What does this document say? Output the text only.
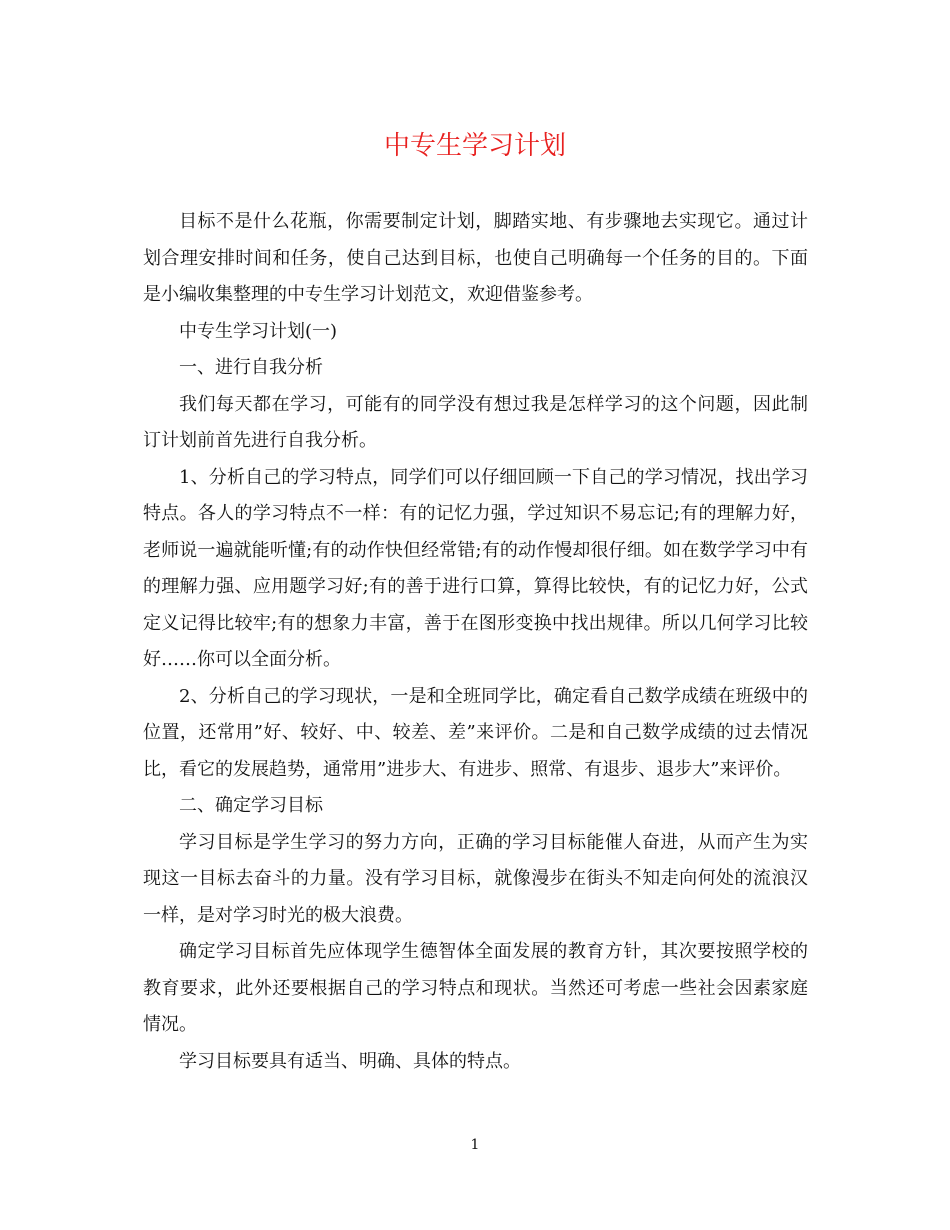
中专生学习计划

目标不是什么花瓶，你需要制定计划，脚踏实地、有步骤地去实现它。通过计划合理安排时间和任务，使自己达到目标，也使自己明确每一个任务的目的。下面是小编收集整理的中专生学习计划范文，欢迎借鉴参考。

中专生学习计划(一)

一、进行自我分析

我们每天都在学习，可能有的同学没有想过我是怎样学习的这个问题，因此制订计划前首先进行自我分析。

1、分析自己的学习特点，同学们可以仔细回顾一下自己的学习情况，找出学习特点。各人的学习特点不一样：有的记忆力强，学过知识不易忘记;有的理解力好，老师说一遍就能听懂;有的动作快但经常错;有的动作慢却很仔细。如在数学学习中有的理解力强、应用题学习好;有的善于进行口算，算得比较快，有的记忆力好，公式定义记得比较牢;有的想象力丰富，善于在图形变换中找出规律。所以几何学习比较好……你可以全面分析。

2、分析自己的学习现状，一是和全班同学比，确定看自己数学成绩在班级中的位置，还常用”好、较好、中、较差、差”来评价。二是和自己数学成绩的过去情况比，看它的发展趋势，通常用”进步大、有进步、照常、有退步、退步大”来评价。

二、确定学习目标

学习目标是学生学习的努力方向，正确的学习目标能催人奋进，从而产生为实现这一目标去奋斗的力量。没有学习目标，就像漫步在街头不知走向何处的流浪汉一样，是对学习时光的极大浪费。

确定学习目标首先应体现学生德智体全面发展的教育方针，其次要按照学校的教育要求，此外还要根据自己的学习特点和现状。当然还可考虑一些社会因素家庭情况。

学习目标要具有适当、明确、具体的特点。

1
